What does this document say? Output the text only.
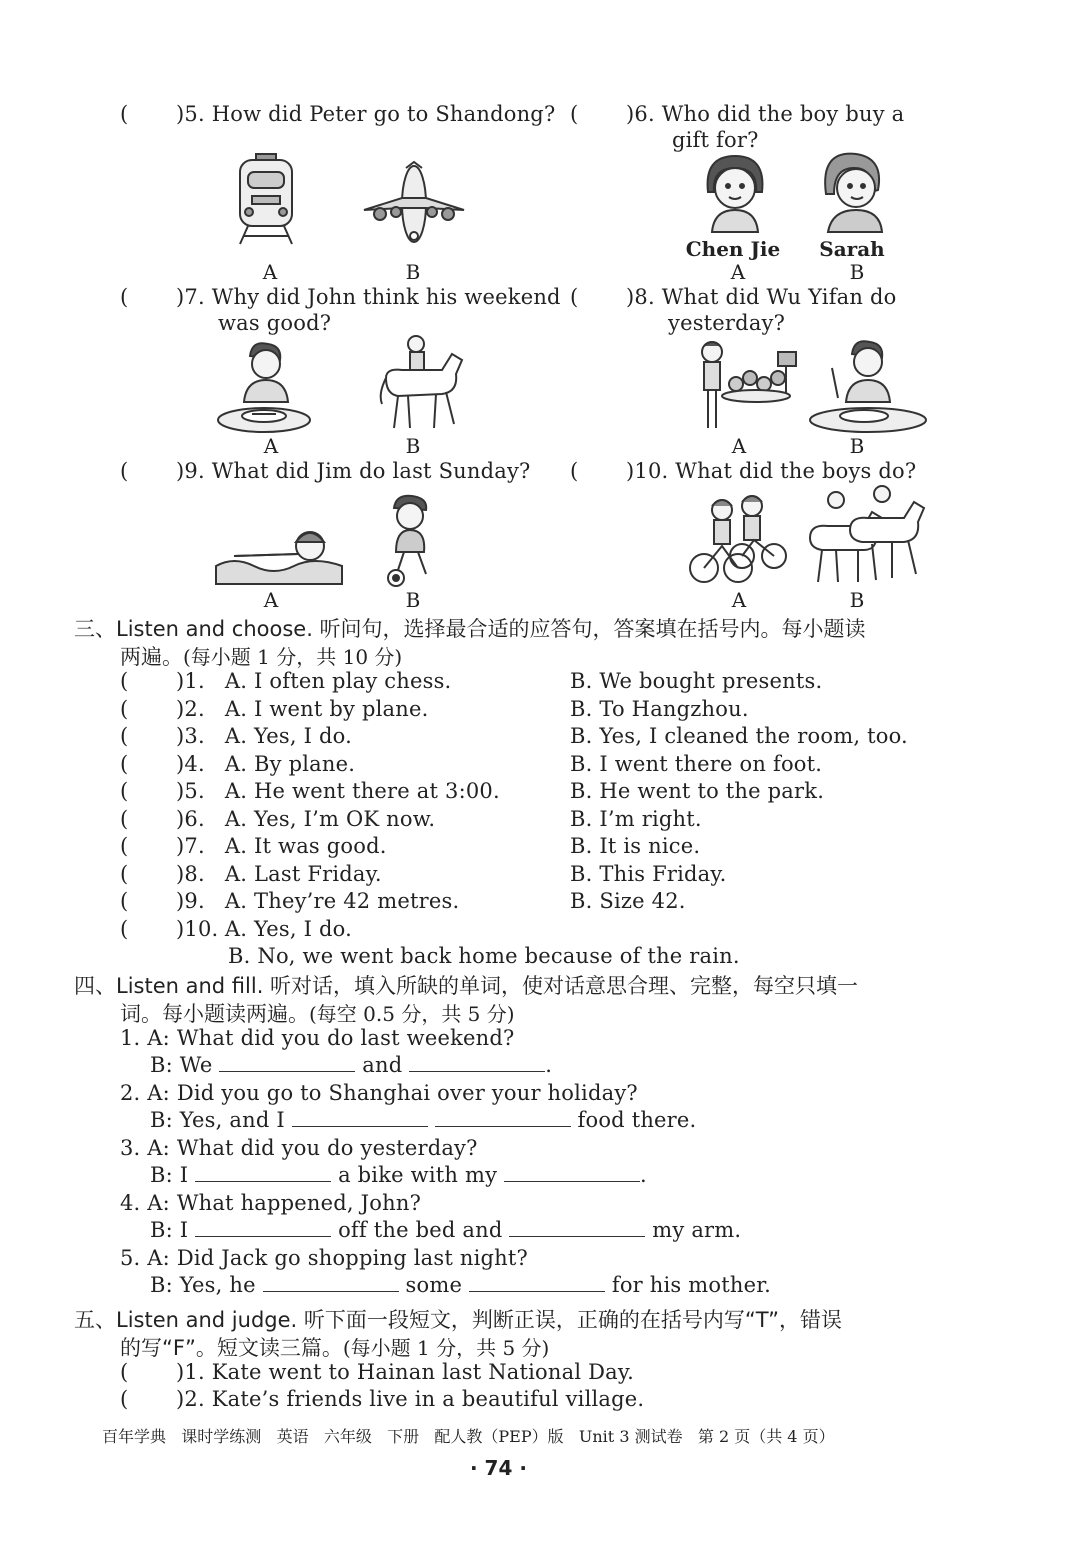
( )5. How did Peter go to Shandong? ( )6. Who did the boy buy a
gift for?
A	B
Chen Jie	Sarah
A	B
( )7. Why did John think his weekend
was good?
( )8. What did Wu Yifan do
yesterday?
A	B	A	B
( )9. What did Jim do last Sunday? ( )10. What did the boys do?
A	B	A	B
三、Listen and choose. 听问句，选择最合适的应答句，答案填在括号内。每小题读
两遍。(每小题 1 分，共 10 分)
( )1. A. I often play chess.	B. We bought presents.
( )2. A. I went by plane.	B. To Hangzhou.
( )3. A. Yes, I do.	B. Yes, I cleaned the room, too.
( )4. A. By plane.	B. I went there on foot.
( )5. A. He went there at 3:00.	B. He went to the park.
( )6. A. Yes, I’m OK now.	B. I’m right.
( )7. A. It was good.	B. It is nice.
( )8. A. Last Friday.	B. This Friday.
( )9. A. They’re 42 metres.	B. Size 42.
( )10. A. Yes, I do.
B. No, we went back home because of the rain.
四、Listen and fill. 听对话，填入所缺的单词，使对话意思合理、完整，每空只填一
词。每小题读两遍。(每空 0.5 分，共 5 分)
1. A: What did you do last weekend?
B: We	and	.
2. A: Did you go to Shanghai over your holiday?
B: Yes, and I	food there.
3. A: What did you do yesterday?
B: I	a bike with my	.
4. A: What happened, John?
B: I	off the bed and	my arm.
5. A: Did Jack go shopping last night?
B: Yes, he	some	for his mother.
五、Listen and judge. 听下面一段短文，判断正误，正确的在括号内写“T”，错误
的写“F”。短文读三篇。(每小题 1 分，共 5 分)
( )1. Kate went to Hainan last National Day.
( )2. Kate’s friends live in a beautiful village.
百年学典 课时学练测 英语 六年级 下册 配人教（PEP）版 Unit 3 测试卷 第 2 页（共 4 页）
· 74 ·
